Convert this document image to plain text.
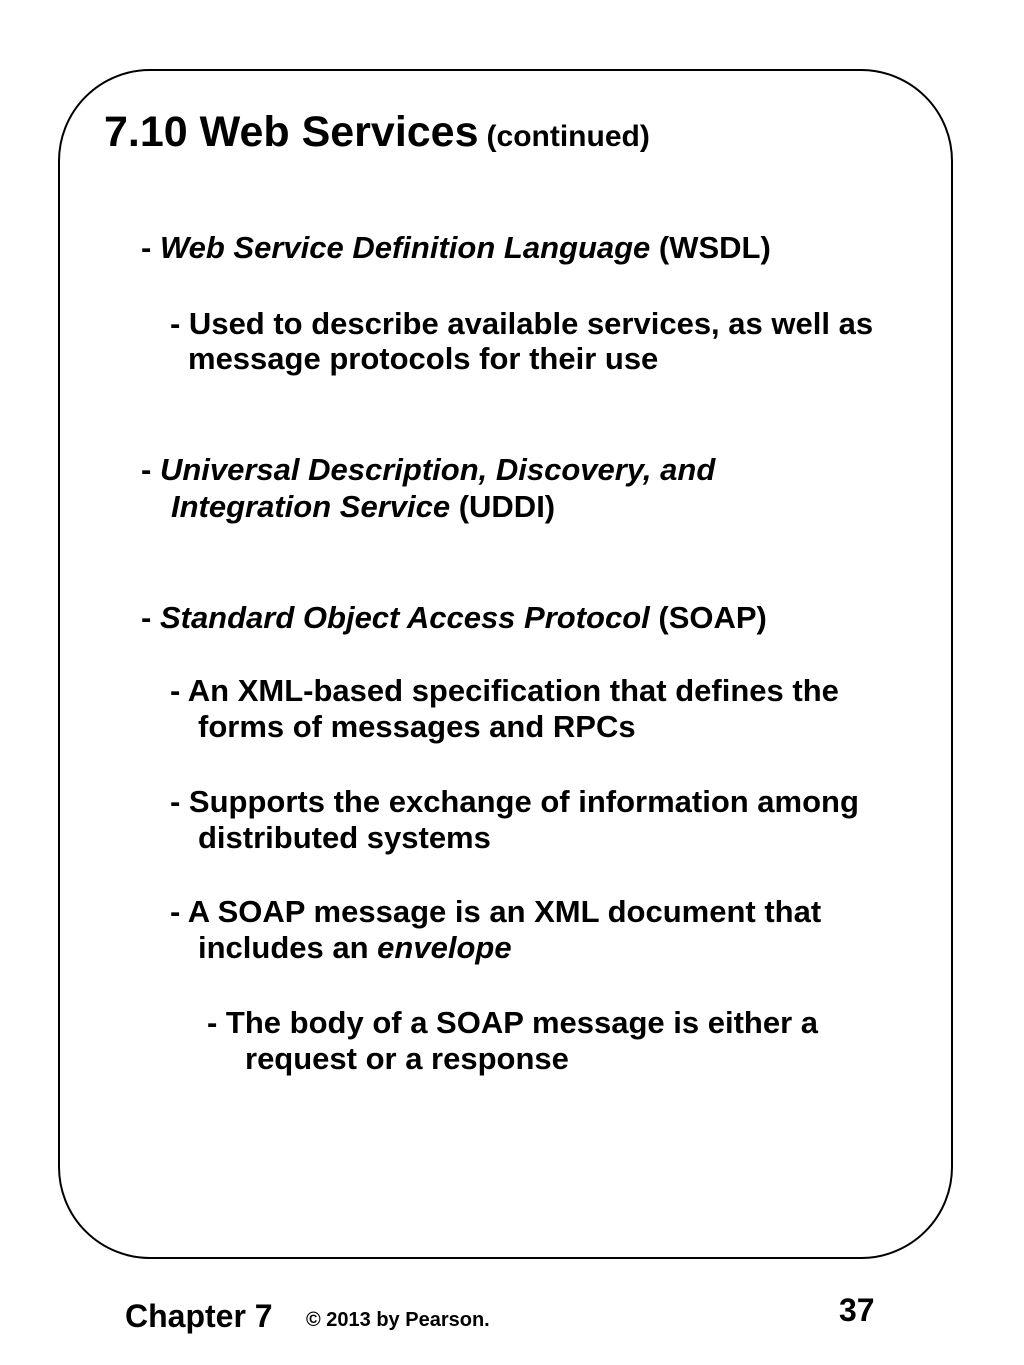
7.10 Web Services (continued)

- Web Service Definition Language (WSDL)

- Used to describe available services, as well as

message protocols for their use

- Universal Description, Discovery, and

Integration Service (UDDI)

- Standard Object Access Protocol (SOAP)

- An XML-based specification that defines the

forms of messages and RPCs

- Supports the exchange of information among

distributed systems

- A SOAP message is an XML document that

includes an envelope

- The body of a SOAP message is either a

request or a response

Chapter 7 © 2013 by Pearson.	37
